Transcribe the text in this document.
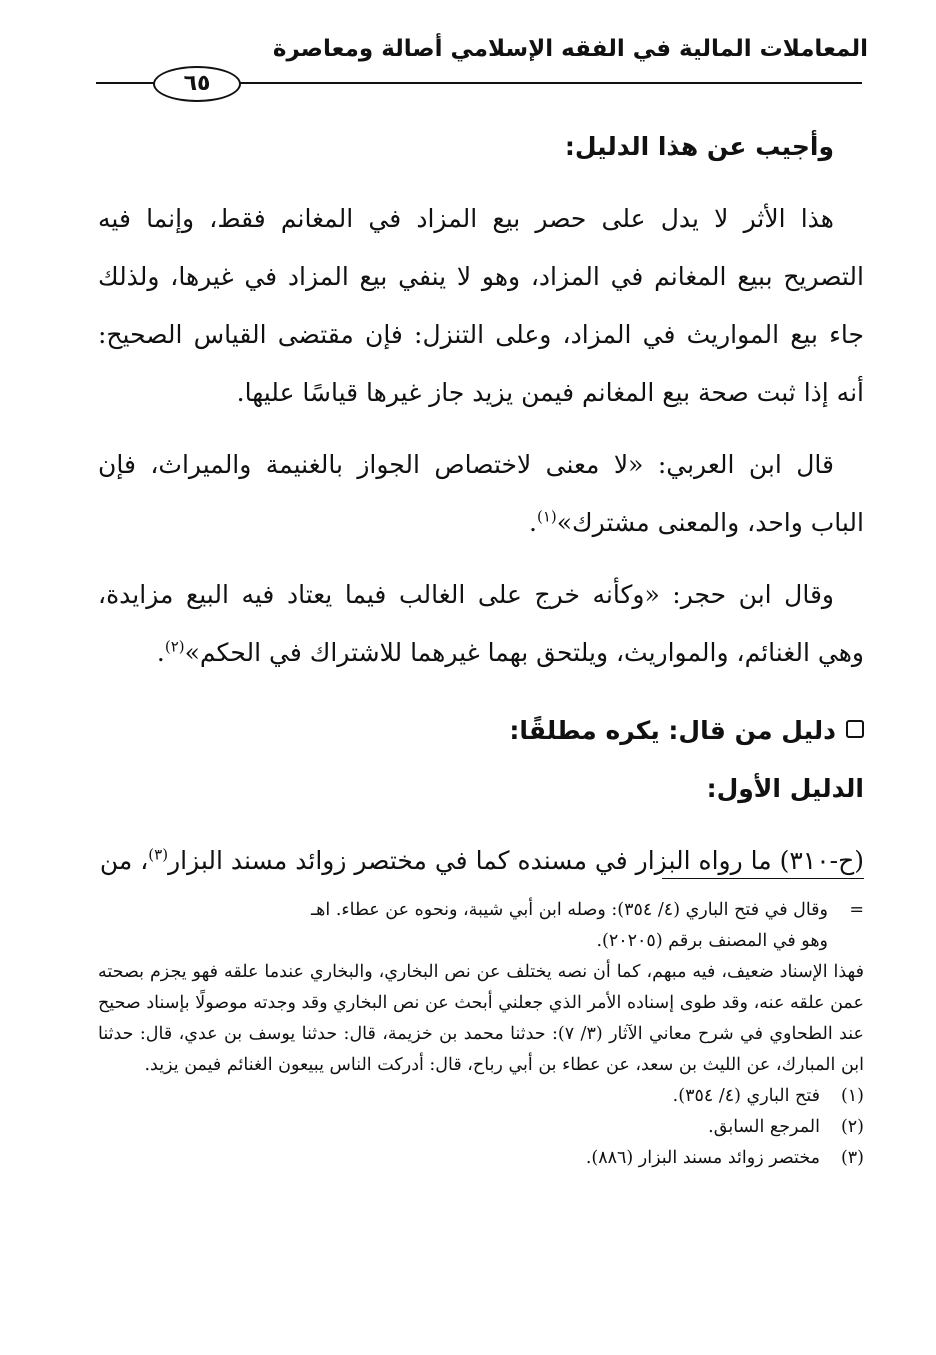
المعاملات المالية في الفقه الإسلامي أصالة ومعاصرة
٦٥

وأجيب عن هذا الدليل:

هذا الأثر لا يدل على حصر بيع المزاد في المغانم فقط، وإنما فيه التصريح ببيع المغانم في المزاد، وهو لا ينفي بيع المزاد في غيرها، ولذلك جاء بيع المواريث في المزاد، وعلى التنزل: فإن مقتضى القياس الصحيح: أنه إذا ثبت صحة بيع المغانم فيمن يزيد جاز غيرها قياسًا عليها.

قال ابن العربي: «لا معنى لاختصاص الجواز بالغنيمة والميراث، فإن الباب واحد، والمعنى مشترك»$^{(١)}$.

وقال ابن حجر: «وكأنه خرج على الغالب فيما يعتاد فيه البيع مزايدة، وهي الغنائم، والمواريث، ويلتحق بهما غيرهما للاشتراك في الحكم»$^{(٢)}$.

دليل من قال: يكره مطلقًا:

الدليل الأول:

(ح-٣١٠) ما رواه البزار في مسنده كما في مختصر زوائد مسند البزار$^{(٣)}$، من

=
وقال في فتح الباري (٤/ ٣٥٤): وصله ابن أبي شيبة، ونحوه عن عطاء. اهـ

وهو في المصنف برقم (٢٠٢٠٥).

فهذا الإسناد ضعيف، فيه مبهم، كما أن نصه يختلف عن نص البخاري، والبخاري عندما علقه فهو يجزم بصحته عمن علقه عنه، وقد طوى إسناده الأمر الذي جعلني أبحث عن نص البخاري وقد وجدته موصولًا بإسناد صحيح عند الطحاوي في شرح معاني الآثار (٣/ ٧): حدثنا محمد بن خزيمة، قال: حدثنا يوسف بن عدي، قال: حدثنا ابن المبارك، عن الليث بن سعد، عن عطاء بن أبي رباح، قال: أدركت الناس يبيعون الغنائم فيمن يزيد.

(١)
فتح الباري (٤/ ٣٥٤).
(٢)
المرجع السابق.
(٣)
مختصر زوائد مسند البزار (٨٨٦).
